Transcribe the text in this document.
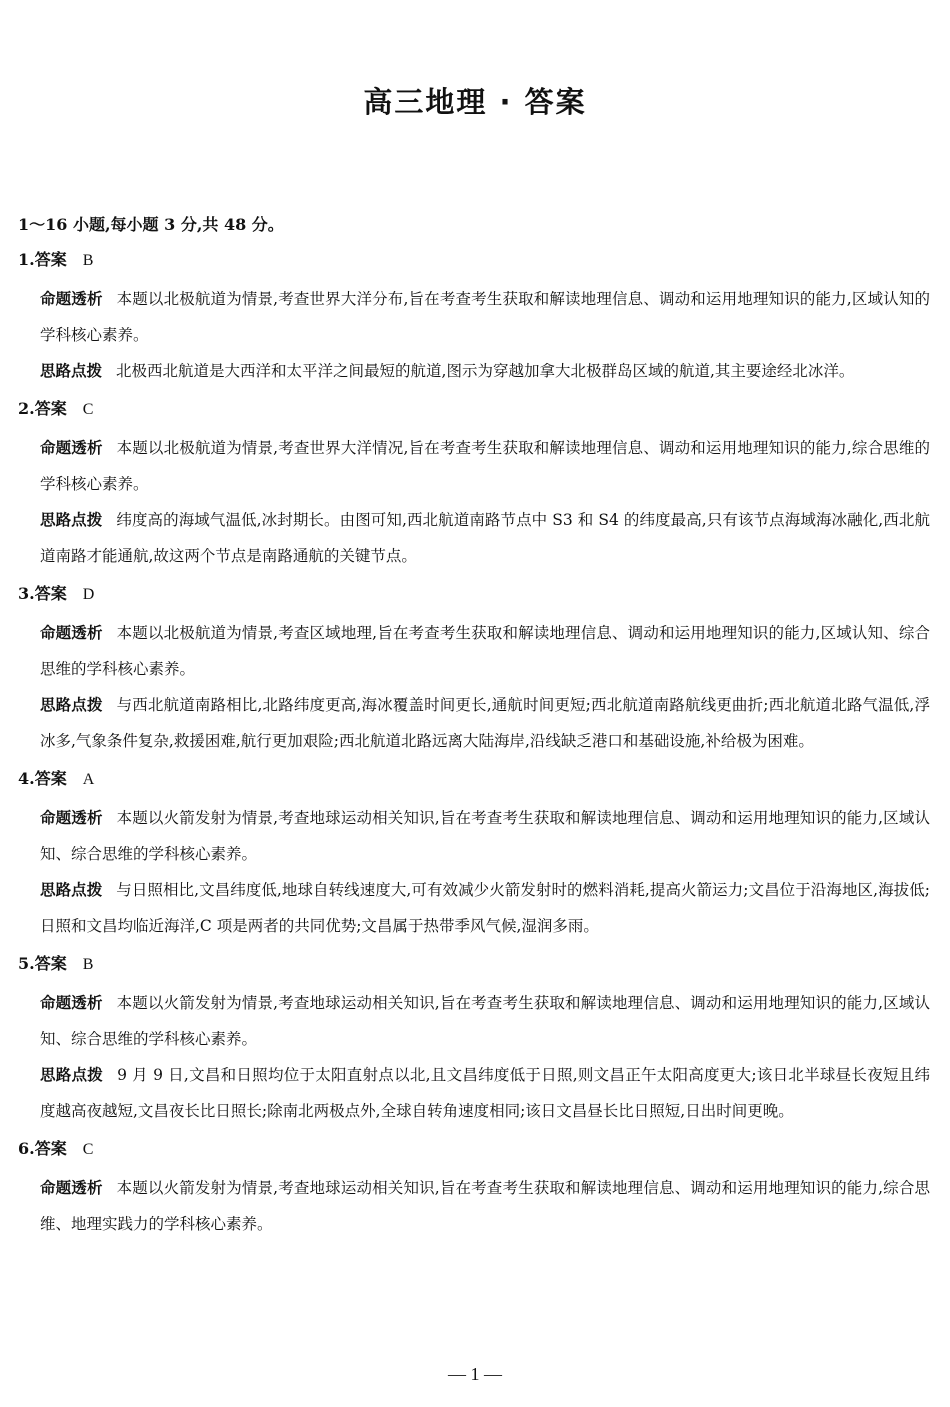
高三地理 · 答案
1～16 小题,每小题 3 分,共 48 分。
1.答案 B
命题透析 本题以北极航道为情景,考查世界大洋分布,旨在考查考生获取和解读地理信息、调动和运用地理知识的能力,区域认知的学科核心素养。
思路点拨 北极西北航道是大西洋和太平洋之间最短的航道,图示为穿越加拿大北极群岛区域的航道,其主要途经北冰洋。
2.答案 C
命题透析 本题以北极航道为情景,考查世界大洋情况,旨在考查考生获取和解读地理信息、调动和运用地理知识的能力,综合思维的学科核心素养。
思路点拨 纬度高的海域气温低,冰封期长。由图可知,西北航道南路节点中 S3 和 S4 的纬度最高,只有该节点海域海冰融化,西北航道南路才能通航,故这两个节点是南路通航的关键节点。
3.答案 D
命题透析 本题以北极航道为情景,考查区域地理,旨在考查考生获取和解读地理信息、调动和运用地理知识的能力,区域认知、综合思维的学科核心素养。
思路点拨 与西北航道南路相比,北路纬度更高,海冰覆盖时间更长,通航时间更短;西北航道南路航线更曲折;西北航道北路气温低,浮冰多,气象条件复杂,救援困难,航行更加艰险;西北航道北路远离大陆海岸,沿线缺乏港口和基础设施,补给极为困难。
4.答案 A
命题透析 本题以火箭发射为情景,考查地球运动相关知识,旨在考查考生获取和解读地理信息、调动和运用地理知识的能力,区域认知、综合思维的学科核心素养。
思路点拨 与日照相比,文昌纬度低,地球自转线速度大,可有效减少火箭发射时的燃料消耗,提高火箭运力;文昌位于沿海地区,海拔低;日照和文昌均临近海洋,C 项是两者的共同优势;文昌属于热带季风气候,湿润多雨。
5.答案 B
命题透析 本题以火箭发射为情景,考查地球运动相关知识,旨在考查考生获取和解读地理信息、调动和运用地理知识的能力,区域认知、综合思维的学科核心素养。
思路点拨 9 月 9 日,文昌和日照均位于太阳直射点以北,且文昌纬度低于日照,则文昌正午太阳高度更大;该日北半球昼长夜短且纬度越高夜越短,文昌夜长比日照长;除南北两极点外,全球自转角速度相同;该日文昌昼长比日照短,日出时间更晚。
6.答案 C
命题透析 本题以火箭发射为情景,考查地球运动相关知识,旨在考查考生获取和解读地理信息、调动和运用地理知识的能力,综合思维、地理实践力的学科核心素养。
— 1 —
